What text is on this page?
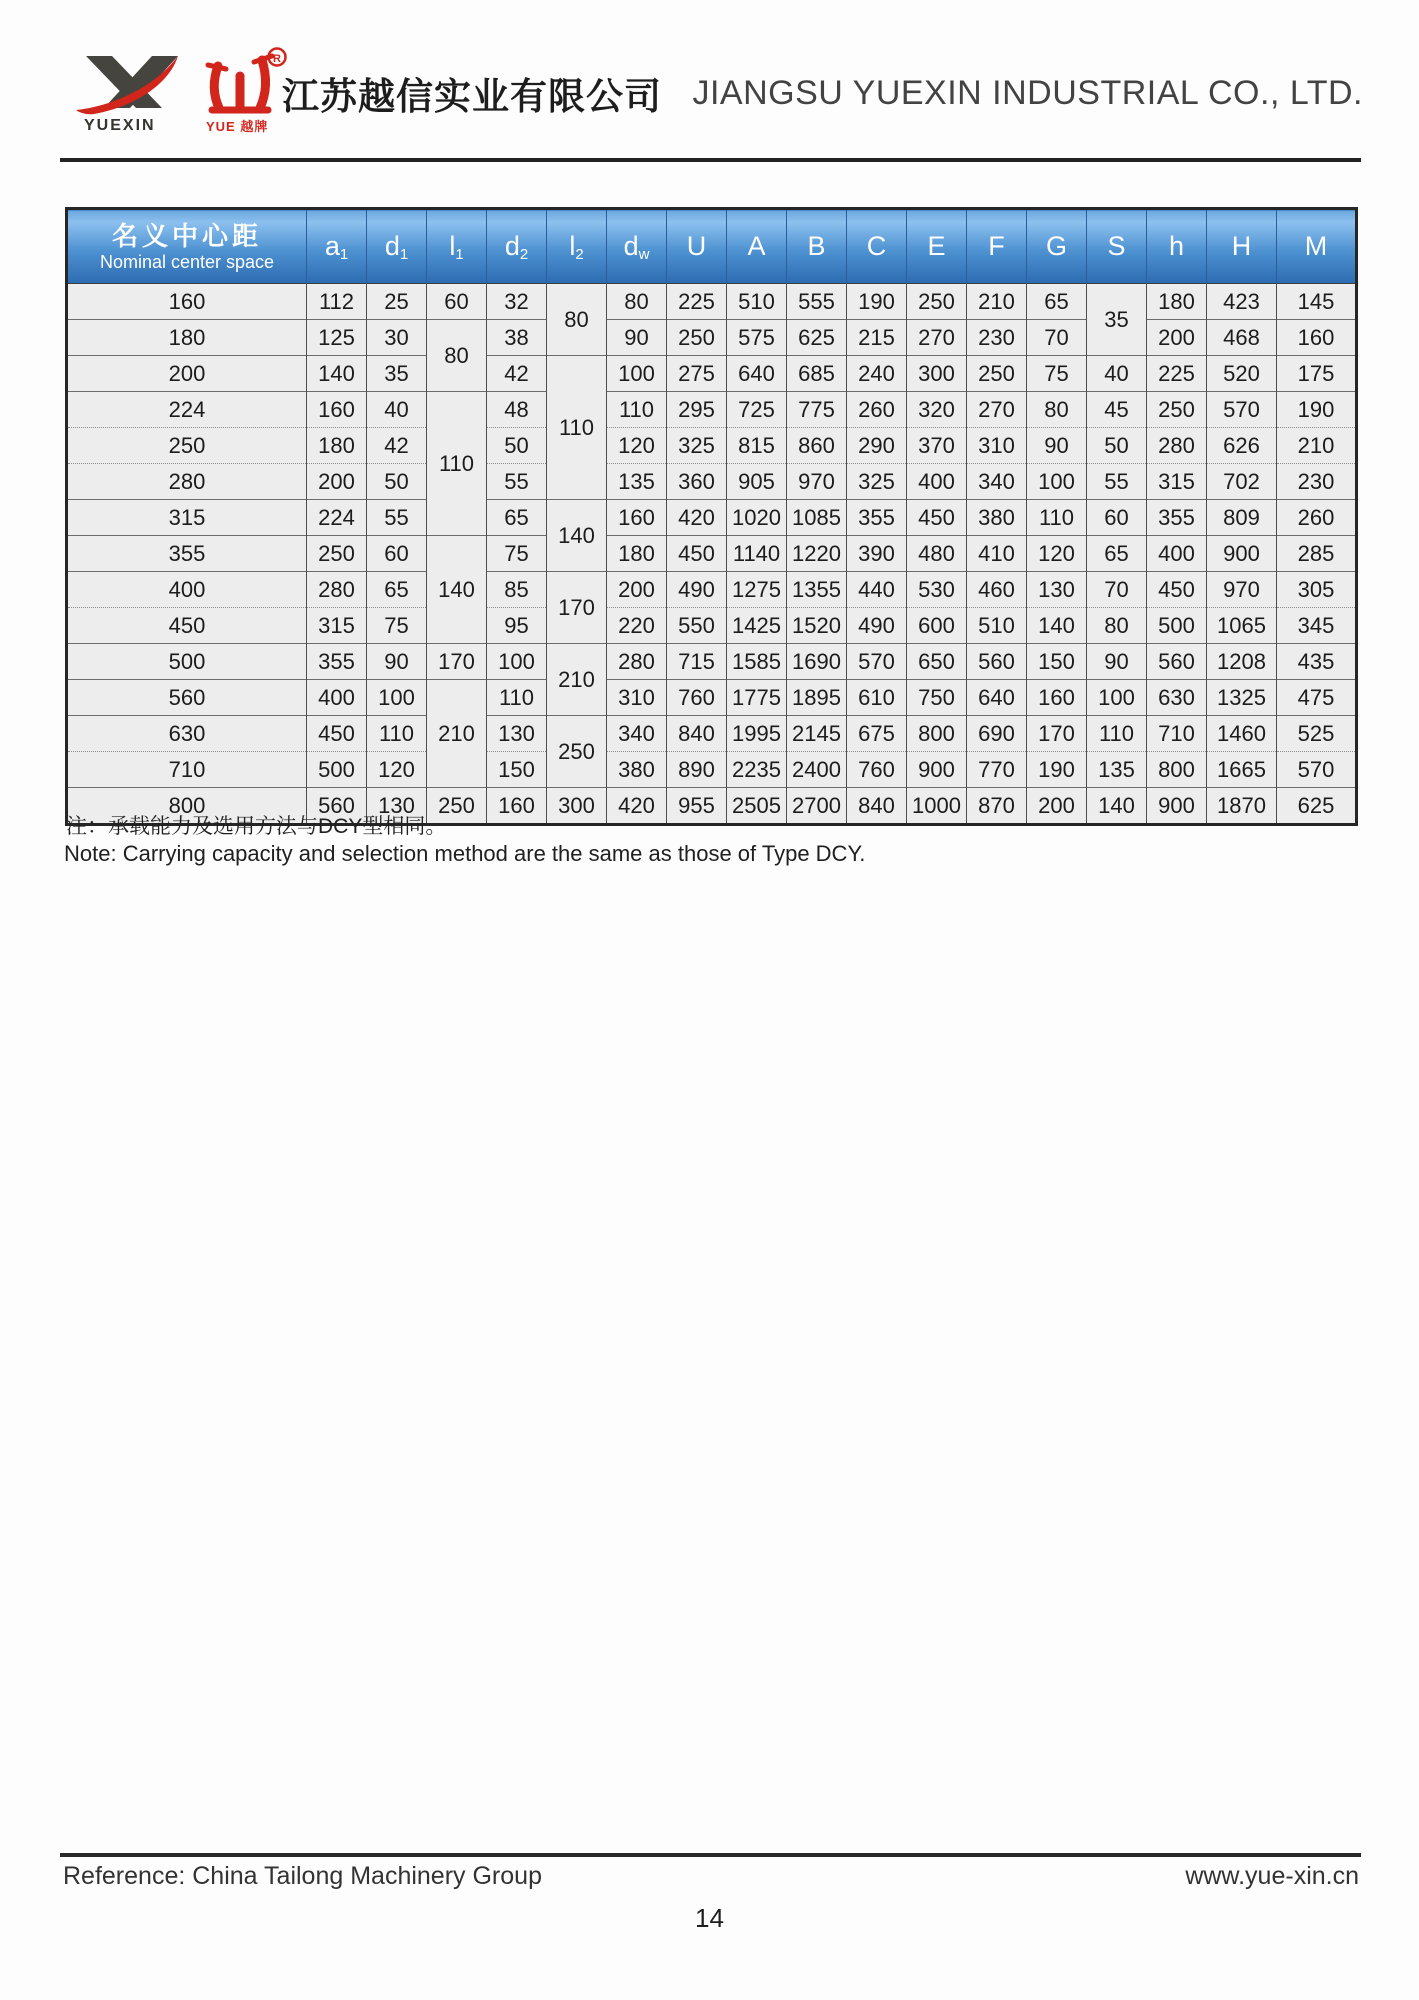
YUEXIN
R
YUE 越牌
江苏越信实业有限公司 JIANGSU YUEXIN INDUSTRIAL CO., LTD.
名义中心距
Nominal center space	$a_1$	$d_1$	$l_1$	$d_2$	$l_2$	$d_w$	U	A	B	C	E	F	G	S	h	H	M
160	112	25	60	32	80	80	225	510	555	190	250	210	65	35	180	423	145
180	125	30	80	38		90	250	575	625	215	270	230	70		200	468	160
200	140	35		42	110	100	275	640	685	240	300	250	75	40	225	520	175
224	160	40	110	48		110	295	725	775	260	320	270	80	45	250	570	190
250	180	42		50		120	325	815	860	290	370	310	90	50	280	626	210
280	200	50		55		135	360	905	970	325	400	340	100	55	315	702	230
315	224	55		65	140	160	420	1020	1085	355	450	380	110	60	355	809	260
355	250	60	140	75		180	450	1140	1220	390	480	410	120	65	400	900	285
400	280	65		85	170	200	490	1275	1355	440	530	460	130	70	450	970	305
450	315	75		95		220	550	1425	1520	490	600	510	140	80	500	1065	345
500	355	90	170	100	210	280	715	1585	1690	570	650	560	150	90	560	1208	435
560	400	100	210	110		310	760	1775	1895	610	750	640	160	100	630	1325	475
630	450	110		130	250	340	840	1995	2145	675	800	690	170	110	710	1460	525
710	500	120		150		380	890	2235	2400	760	900	770	190	135	800	1665	570
800	560	130	250	160	300	420	955	2505	2700	840	1000	870	200	140	900	1870	625
注：承载能力及选用方法与DCY型相同。
Note: Carrying capacity and selection method are the same as those of Type DCY.
Reference: China Tailong Machinery Group	www.yue-xin.cn
14
